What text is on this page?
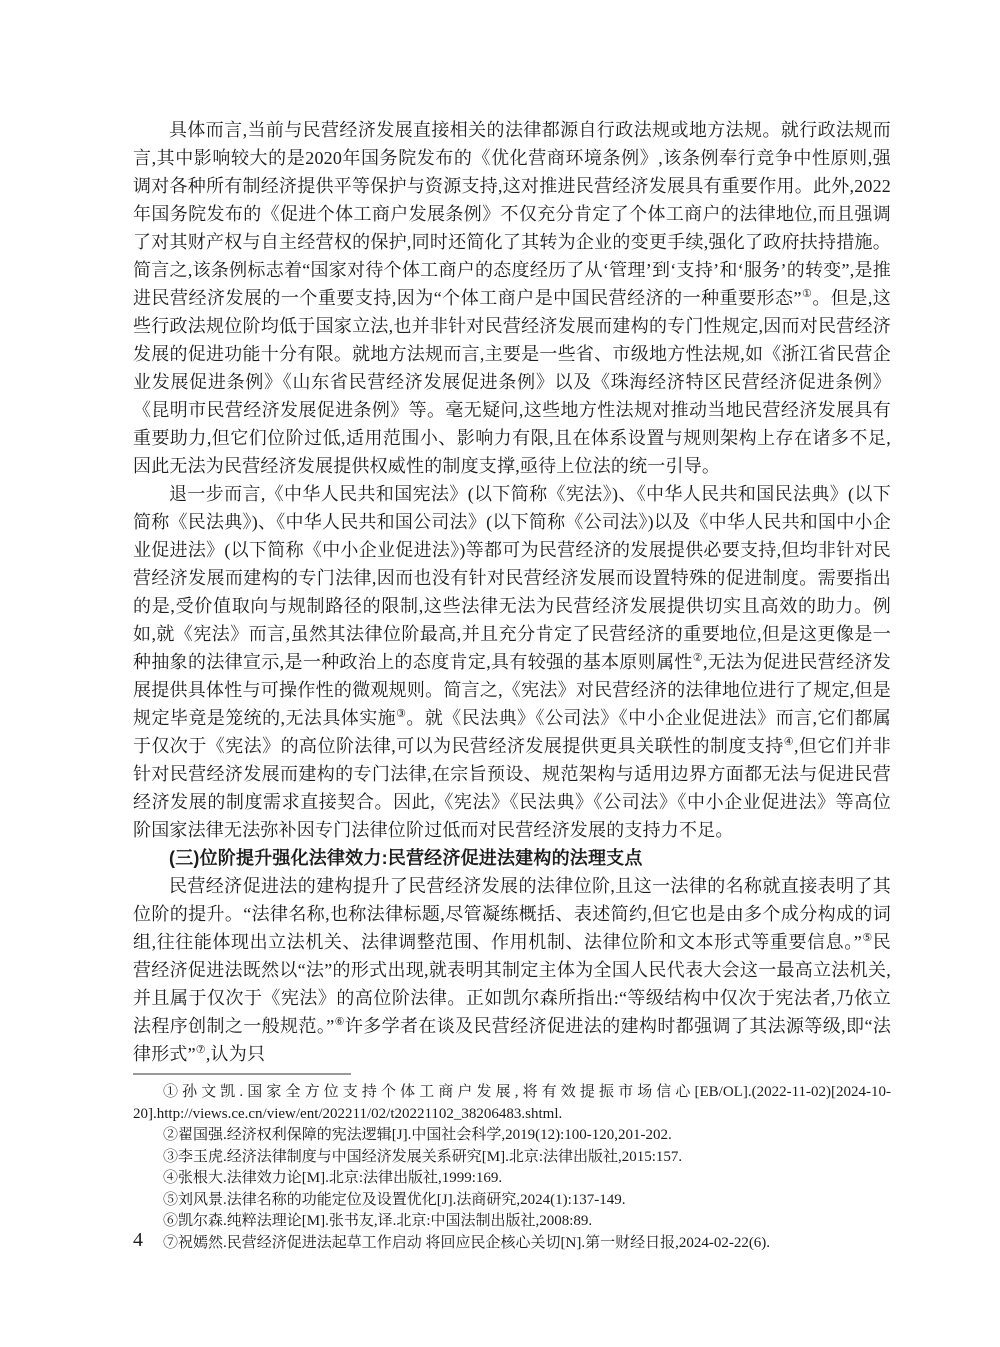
具体而言,当前与民营经济发展直接相关的法律都源自行政法规或地方法规。就行政法规而言,其中影响较大的是2020年国务院发布的《优化营商环境条例》,该条例奉行竞争中性原则,强调对各种所有制经济提供平等保护与资源支持,这对推进民营经济发展具有重要作用。此外,2022年国务院发布的《促进个体工商户发展条例》不仅充分肯定了个体工商户的法律地位,而且强调了对其财产权与自主经营权的保护,同时还简化了其转为企业的变更手续,强化了政府扶持措施。简言之,该条例标志着“国家对待个体工商户的态度经历了从‘管理’到‘支持’和‘服务’的转变”,是推进民营经济发展的一个重要支持,因为“个体工商户是中国民营经济的一种重要形态”①。但是,这些行政法规位阶均低于国家立法,也并非针对民营经济发展而建构的专门性规定,因而对民营经济发展的促进功能十分有限。就地方法规而言,主要是一些省、市级地方性法规,如《浙江省民营企业发展促进条例》《山东省民营经济发展促进条例》以及《珠海经济特区民营经济促进条例》《昆明市民营经济发展促进条例》等。毫无疑问,这些地方性法规对推动当地民营经济发展具有重要助力,但它们位阶过低,适用范围小、影响力有限,且在体系设置与规则架构上存在诸多不足,因此无法为民营经济发展提供权威性的制度支撑,亟待上位法的统一引导。

退一步而言,《中华人民共和国宪法》(以下简称《宪法》)、《中华人民共和国民法典》(以下简称《民法典》)、《中华人民共和国公司法》(以下简称《公司法》)以及《中华人民共和国中小企业促进法》(以下简称《中小企业促进法》)等都可为民营经济的发展提供必要支持,但均非针对民营经济发展而建构的专门法律,因而也没有针对民营经济发展而设置特殊的促进制度。需要指出的是,受价值取向与规制路径的限制,这些法律无法为民营经济发展提供切实且高效的助力。例如,就《宪法》而言,虽然其法律位阶最高,并且充分肯定了民营经济的重要地位,但是这更像是一种抽象的法律宣示,是一种政治上的态度肯定,具有较强的基本原则属性②,无法为促进民营经济发展提供具体性与可操作性的微观规则。简言之,《宪法》对民营经济的法律地位进行了规定,但是规定毕竟是笼统的,无法具体实施③。就《民法典》《公司法》《中小企业促进法》而言,它们都属于仅次于《宪法》的高位阶法律,可以为民营经济发展提供更具关联性的制度支持④,但它们并非针对民营经济发展而建构的专门法律,在宗旨预设、规范架构与适用边界方面都无法与促进民营经济发展的制度需求直接契合。因此,《宪法》《民法典》《公司法》《中小企业促进法》等高位阶国家法律无法弥补因专门法律位阶过低而对民营经济发展的支持力不足。

(三)位阶提升强化法律效力:民营经济促进法建构的法理支点

民营经济促进法的建构提升了民营经济发展的法律位阶,且这一法律的名称就直接表明了其位阶的提升。“法律名称,也称法律标题,尽管凝练概括、表述简约,但它也是由多个成分构成的词组,往往能体现出立法机关、法律调整范围、作用机制、法律位阶和文本形式等重要信息。”⑤民营经济促进法既然以“法”的形式出现,就表明其制定主体为全国人民代表大会这一最高立法机关,并且属于仅次于《宪法》的高位阶法律。正如凯尔森所指出:“等级结构中仅次于宪法者,乃依立法程序创制之一般规范。”⑥许多学者在谈及民营经济促进法的建构时都强调了其法源等级,即“法律形式”⑦,认为只

①孙文凯.国家全方位支持个体工商户发展,将有效提振市场信心[EB/OL].(2022-11-02)[2024-10-20].http://views.ce.cn/view/ent/202211/02/t20221102_38206483.shtml.

②翟国强.经济权利保障的宪法逻辑[J].中国社会科学,2019(12):100-120,201-202.

③李玉虎.经济法律制度与中国经济发展关系研究[M].北京:法律出版社,2015:157.

④张根大.法律效力论[M].北京:法律出版社,1999:169.

⑤刘风景.法律名称的功能定位及设置优化[J].法商研究,2024(1):137-149.

⑥凯尔森.纯粹法理论[M].张书友,译.北京:中国法制出版社,2008:89.

⑦祝嫣然.民营经济促进法起草工作启动 将回应民企核心关切[N].第一财经日报,2024-02-22(6).

4
